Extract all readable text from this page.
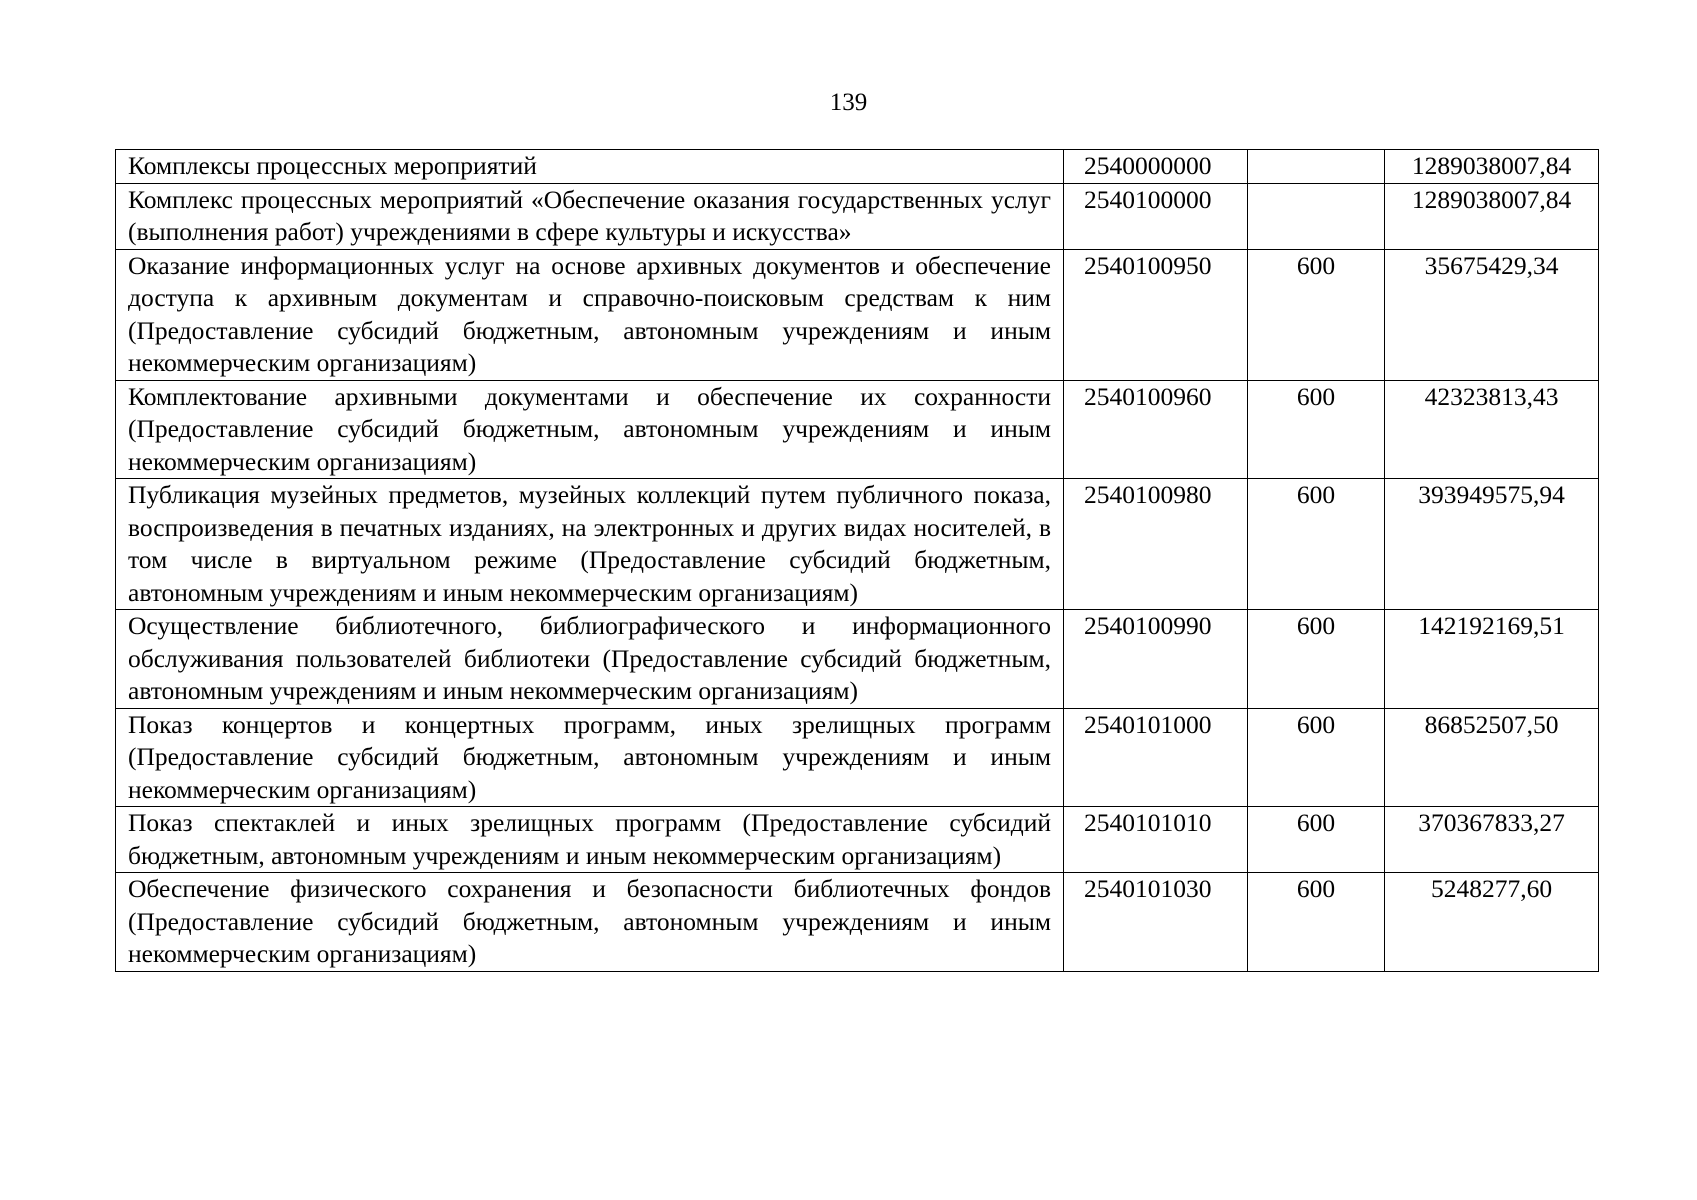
139
Комплексы процессных мероприятий	2540000000		1289038007,84
Комплекс процессных мероприятий «Обеспечение оказания государственных услуг (выполнения работ) учреждениями в сфере культуры и искусства»	2540100000		1289038007,84
Оказание информационных услуг на основе архивных документов и обеспечение доступа к архивным документам и справочно-поисковым средствам к ним (Предоставление субсидий бюджетным, автономным учреждениям и иным некоммерческим организациям)	2540100950	600	35675429,34
Комплектование архивными документами и обеспечение их сохранности (Предоставление субсидий бюджетным, автономным учреждениям и иным некоммерческим организациям)	2540100960	600	42323813,43
Публикация музейных предметов, музейных коллекций путем публичного показа, воспроизведения в печатных изданиях, на электронных и других видах носителей, в том числе в виртуальном режиме (Предоставление субсидий бюджетным, автономным учреждениям и иным некоммерческим организациям)	2540100980	600	393949575,94
Осуществление библиотечного, библиографического и информационного обслуживания пользователей библиотеки (Предоставление субсидий бюджетным, автономным учреждениям и иным некоммерческим организациям)	2540100990	600	142192169,51
Показ концертов и концертных программ, иных зрелищных программ (Предоставление субсидий бюджетным, автономным учреждениям и иным некоммерческим организациям)	2540101000	600	86852507,50
Показ спектаклей и иных зрелищных программ (Предоставление субсидий бюджетным, автономным учреждениям и иным некоммерческим организациям)	2540101010	600	370367833,27
Обеспечение физического сохранения и безопасности библиотечных фондов (Предоставление субсидий бюджетным, автономным учреждениям и иным некоммерческим организациям)	2540101030	600	5248277,60
